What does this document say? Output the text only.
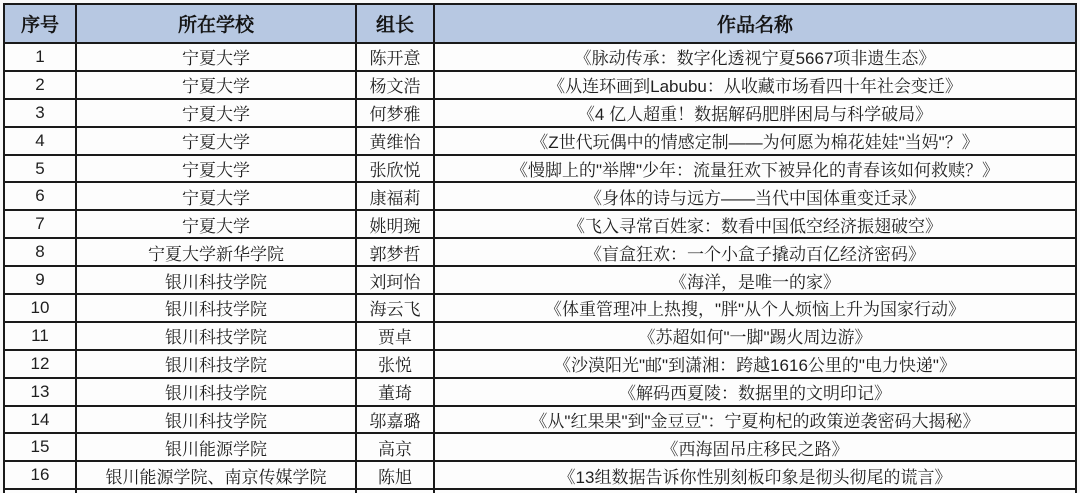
序号	所在学校	组长	作品名称
1	宁夏大学	陈开意	《脉动传承：数字化透视宁夏5667项非遗生态》
2	宁夏大学	杨文浩	《从连环画到Labubu：从收藏市场看四十年社会变迁》
3	宁夏大学	何梦雅	《4 亿人超重！数据解码肥胖困局与科学破局》
4	宁夏大学	黄维怡	《Z世代玩偶中的情感定制——为何愿为棉花娃娃"当妈"？》
5	宁夏大学	张欣悦	《慢脚上的"举牌"少年：流量狂欢下被异化的青春该如何救赎？》
6	宁夏大学	康福莉	《身体的诗与远方——当代中国体重变迁录》
7	宁夏大学	姚明琬	《飞入寻常百姓家：数看中国低空经济振翅破空》
8	宁夏大学新华学院	郭梦哲	《盲盒狂欢：一个小盒子撬动百亿经济密码》
9	银川科技学院	刘珂怡	《海洋，是唯一的家》
10	银川科技学院	海云飞	《体重管理冲上热搜，"胖"从个人烦恼上升为国家行动》
11	银川科技学院	贾卓	《苏超如何"一脚"踢火周边游》
12	银川科技学院	张悦	《沙漠阳光"邮"到潇湘：跨越1616公里的"电力快递"》
13	银川科技学院	董琦	《解码西夏陵：数据里的文明印记》
14	银川科技学院	邬嘉璐	《从"红果果"到"金豆豆"：宁夏枸杞的政策逆袭密码大揭秘》
15	银川能源学院	高京	《西海固吊庄移民之路》
16	银川能源学院、南京传媒学院	陈旭	《13组数据告诉你性别刻板印象是彻头彻尾的谎言》
